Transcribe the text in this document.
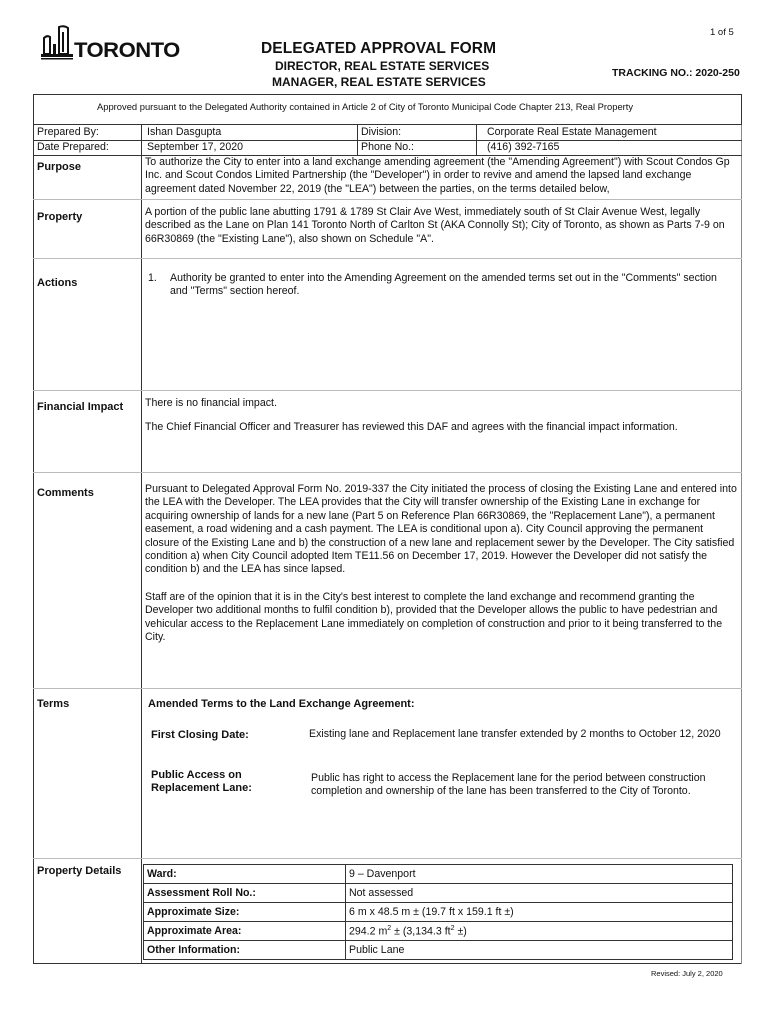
1 of 5
TORONTO	DELEGATED APPROVAL FORM
DIRECTOR, REAL ESTATE SERVICES
MANAGER, REAL ESTATE SERVICES
TRACKING NO.: 2020-250
Approved pursuant to the Delegated Authority contained in Article 2 of City of Toronto Municipal Code Chapter 213, Real Property
Prepared By:	Ishan Dasgupta	Division:	Corporate Real Estate Management
Date Prepared:	September 17, 2020	Phone No.:	(416) 392-7165
Purpose	To authorize the City to enter into a land exchange amending agreement (the "Amending Agreement") with Scout Condos Gp Inc. and Scout Condos Limited Partnership (the "Developer") in order to revive and amend the lapsed land exchange agreement dated November 22, 2019 (the "LEA") between the parties, on the terms detailed below,
Property	A portion of the public lane abutting 1791 & 1789 St Clair Ave West, immediately south of St Clair Avenue West, legally described as the Lane on Plan 141 Toronto North of Carlton St (AKA Connolly St); City of Toronto, as shown as Parts 7-9 on 66R30869 (the "Existing Lane"), also shown on Schedule "A".
Actions	1. Authority be granted to enter into the Amending Agreement on the amended terms set out in the "Comments" section and "Terms" section hereof.
Financial Impact There is no financial impact.
The Chief Financial Officer and Treasurer has reviewed this DAF and agrees with the financial impact information.
Comments	Pursuant to Delegated Approval Form No. 2019-337 the City initiated the process of closing the Existing Lane and entered into the LEA with the Developer. The LEA provides that the City will transfer ownership of the Existing Lane in exchange for acquiring ownership of lands for a new lane (Part 5 on Reference Plan 66R30869, the "Replacement Lane"), a permanent easement, a road widening and a cash payment. The LEA is conditional upon a). City Council approving the permanent closure of the Existing Lane and b) the construction of a new lane and replacement sewer by the Developer. The City satisfied condition a) when City Council adopted Item TE11.56 on December 17, 2019. However the Developer did not satisfy the condition b) and the LEA has since lapsed.
Staff are of the opinion that it is in the City's best interest to complete the land exchange and recommend granting the Developer two additional months to fulfil condition b), provided that the Developer allows the public to have pedestrian and vehicular access to the Replacement Lane immediately on completion of construction and prior to it being transferred to the City.
Terms	Amended Terms to the Land Exchange Agreement:
First Closing Date:	Existing lane and Replacement lane transfer extended by 2 months to October 12, 2020
Public Access on
Replacement Lane:
Public has right to access the Replacement lane for the period between construction completion and ownership of the lane has been transferred to the City of Toronto.
Property Details Ward:	9 – Davenport
Assessment Roll No.:	Not assessed
Approximate Size:	6 m x 48.5 m ± (19.7 ft x 159.1 ft ±)
Approximate Area:	294.2 $m^2 \pm (3,134.3$ $ft^2$ ±)
Other Information:	Public Lane
Revised: July 2, 2020
